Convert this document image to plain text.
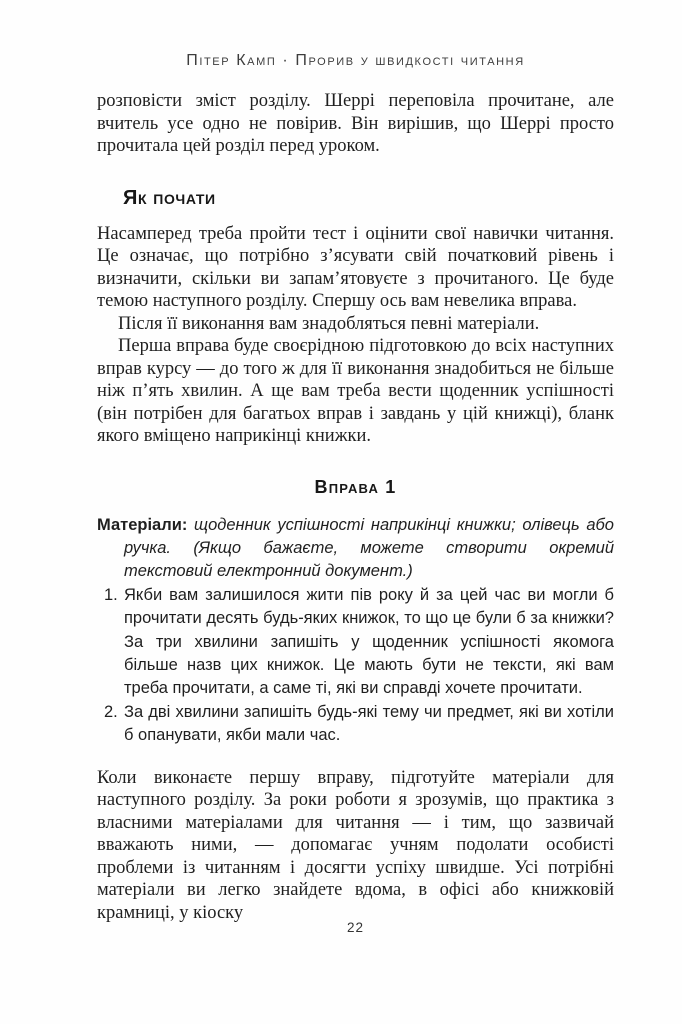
Пітер Камп · Прорив у швидкості читання

розповісти зміст розділу. Шеррі переповіла прочитане, але вчитель усе одно не повірив. Він вирішив, що Шеррі просто прочитала цей розділ перед уроком.

Як почати

Насамперед треба пройти тест і оцінити свої навички читання. Це означає, що потрібно з’ясувати свій початковий рівень і визначити, скільки ви запам’ятовуєте з прочитаного. Це буде темою наступного розділу. Спершу ось вам невелика вправа.

Після її виконання вам знадобляться певні матеріали.

Перша вправа буде своєрідною підготовкою до всіх наступних вправ курсу — до того ж для її виконання знадобиться не більше ніж п’ять хвилин. А ще вам треба вести щоденник успішності (він потрібен для багатьох вправ і завдань у цій книжці), бланк якого вміщено наприкінці книжки.

Вправа 1

Матеріали: щоденник успішності наприкінці книжки; олівець або ручка. (Якщо бажаєте, можете створити окремий текстовий електронний документ.)

1. Якби вам залишилося жити пів року й за цей час ви могли б прочитати десять будь-яких книжок, то що це були б за книжки? За три хвилини запишіть у щоденник успішності якомога більше назв цих книжок. Це мають бути не тексти, які вам треба прочитати, а саме ті, які ви справді хочете прочитати.
2. За дві хвилини запишіть будь-які тему чи предмет, які ви хотіли б опанувати, якби мали час.

Коли виконаєте першу вправу, підготуйте матеріали для наступного розділу. За роки роботи я зрозумів, що практика з власними матеріалами для читання — і тим, що зазвичай вважають ними, — допомагає учням подолати особисті проблеми із читанням і досягти успіху швидше. Усі потрібні матеріали ви легко знайдете вдома, в офісі або книжковій крамниці, у кіоску

22
